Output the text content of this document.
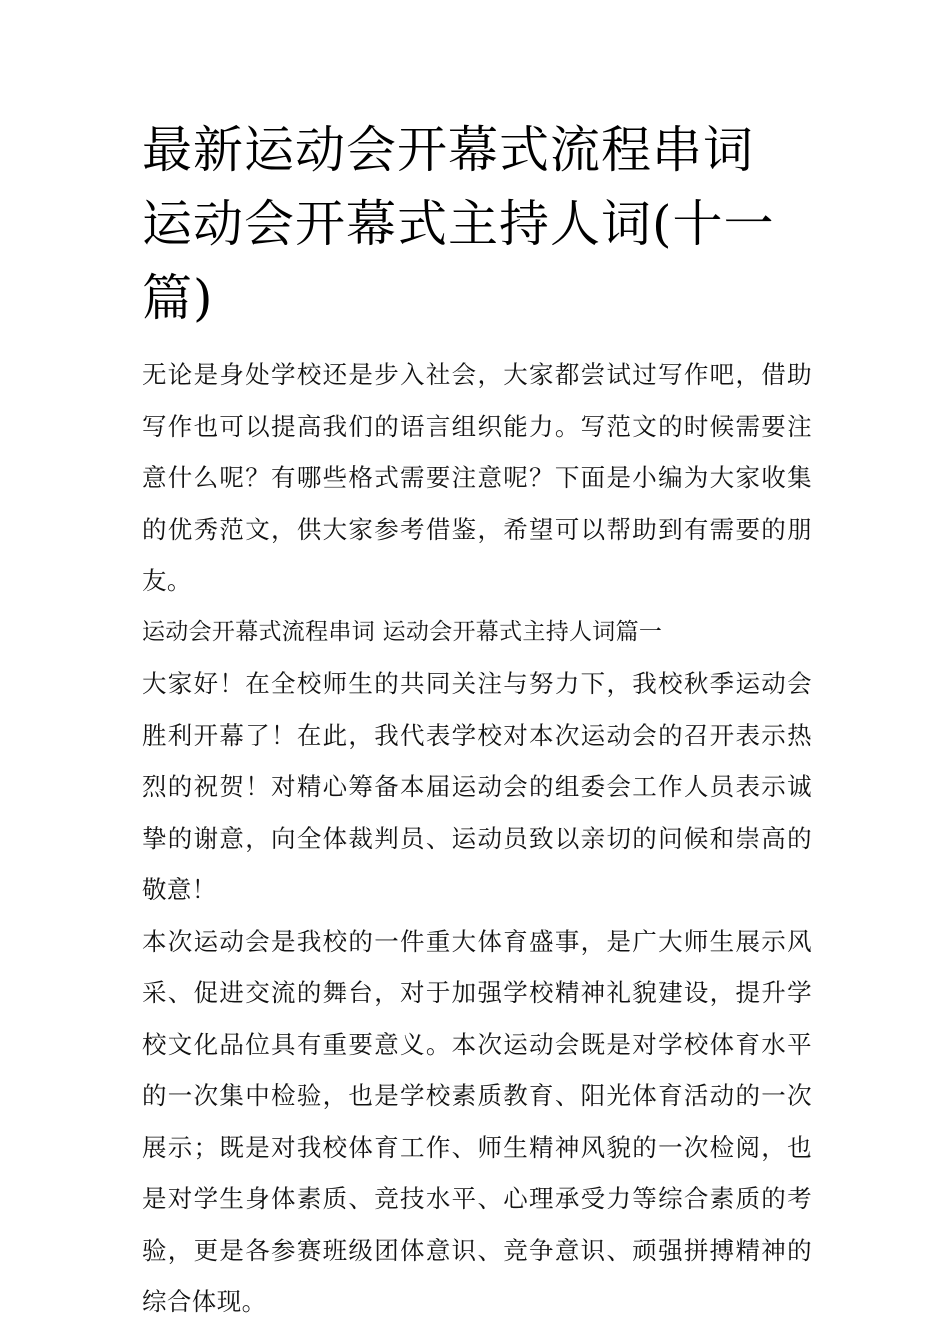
最新运动会开幕式流程串词 运动会开幕式主持人词(十一篇)

无论是身处学校还是步入社会，大家都尝试过写作吧，借助写作也可以提高我们的语言组织能力。写范文的时候需要注意什么呢？有哪些格式需要注意呢？下面是小编为大家收集的优秀范文，供大家参考借鉴，希望可以帮助到有需要的朋友。

运动会开幕式流程串词 运动会开幕式主持人词篇一

大家好！在全校师生的共同关注与努力下，我校秋季运动会胜利开幕了！在此，我代表学校对本次运动会的召开表示热烈的祝贺！对精心筹备本届运动会的组委会工作人员表示诚挚的谢意，向全体裁判员、运动员致以亲切的问候和崇高的敬意！

本次运动会是我校的一件重大体育盛事，是广大师生展示风采、促进交流的舞台，对于加强学校精神礼貌建设，提升学校文化品位具有重要意义。本次运动会既是对学校体育水平的一次集中检验，也是学校素质教育、阳光体育活动的一次展示；既是对我校体育工作、师生精神风貌的一次检阅，也是对学生身体素质、竞技水平、心理承受力等综合素质的考验，更是各参赛班级团体意识、竞争意识、顽强拼搏精神的综合体现。
